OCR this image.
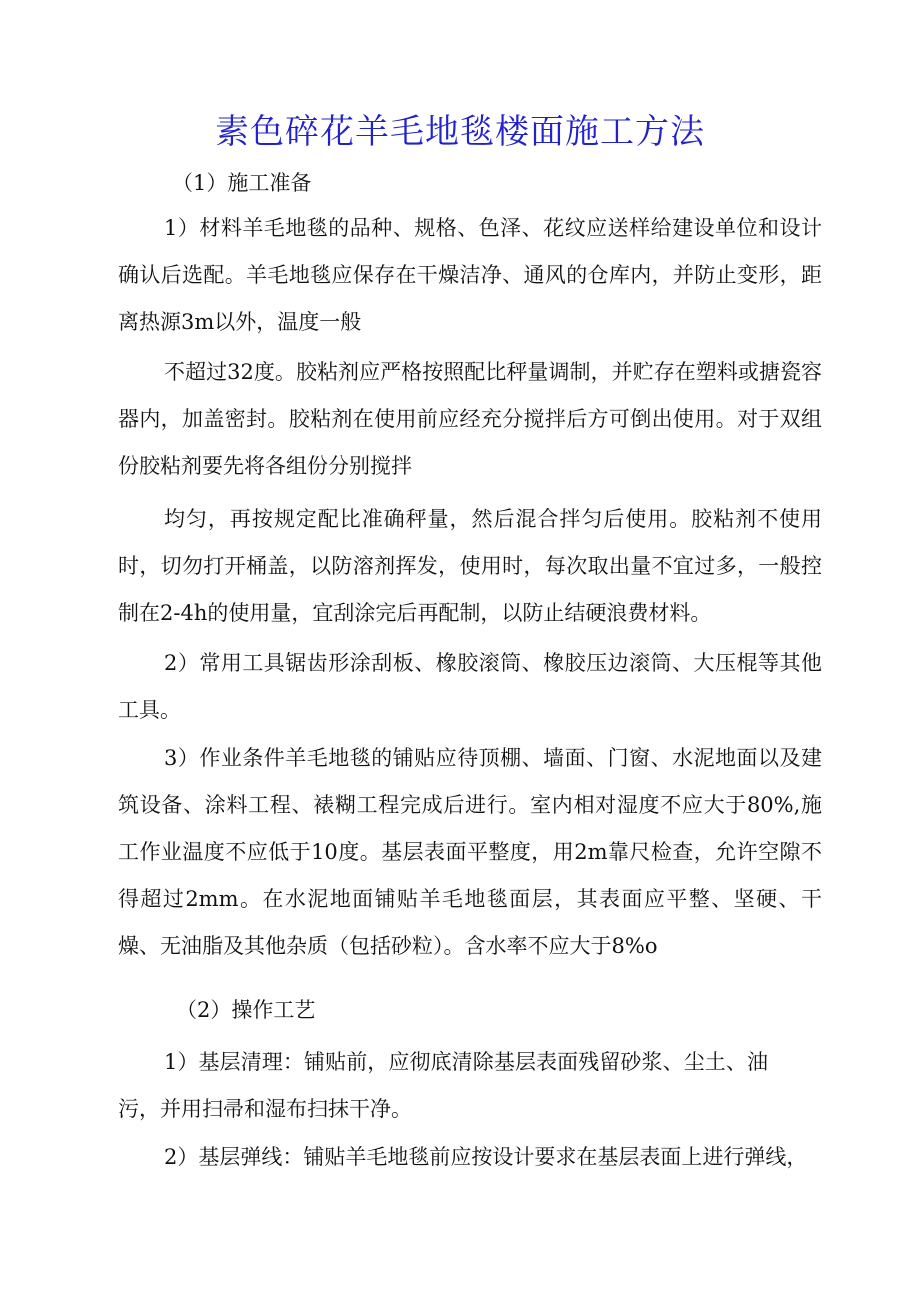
素色碎花羊毛地毯楼面施工方法
（1）施工准备
1）材料羊毛地毯的品种、规格、色泽、花纹应送样给建设单位和设计确认后选配。羊毛地毯应保存在干燥洁净、通风的仓库内，并防止变形，距离热源3m以外，温度一般
不超过32度。胶粘剂应严格按照配比秤量调制，并贮存在塑料或搪瓷容器内，加盖密封。胶粘剂在使用前应经充分搅拌后方可倒出使用。对于双组份胶粘剂要先将各组份分别搅拌
均匀，再按规定配比准确秤量，然后混合拌匀后使用。胶粘剂不使用时，切勿打开桶盖，以防溶剂挥发，使用时，每次取出量不宜过多，一般控制在2-4h的使用量，宜刮涂完后再配制，以防止结硬浪费材料。
2）常用工具锯齿形涂刮板、橡胶滚筒、橡胶压边滚筒、大压棍等其他工具。
3）作业条件羊毛地毯的铺贴应待顶棚、墙面、门窗、水泥地面以及建筑设备、涂料工程、裱糊工程完成后进行。室内相对湿度不应大于80%,施工作业温度不应低于10度。基层表面平整度，用2m靠尺检查，允许空隙不得超过2mm。在水泥地面铺贴羊毛地毯面层，其表面应平整、坚硬、干燥、无油脂及其他杂质（包括砂粒）。含水率不应大于8%o
（2）操作工艺
1）基层清理：铺贴前，应彻底清除基层表面残留砂浆、尘土、油污，并用扫帚和湿布扫抹干净。
2）基层弹线：铺贴羊毛地毯前应按设计要求在基层表面上进行弹线，
